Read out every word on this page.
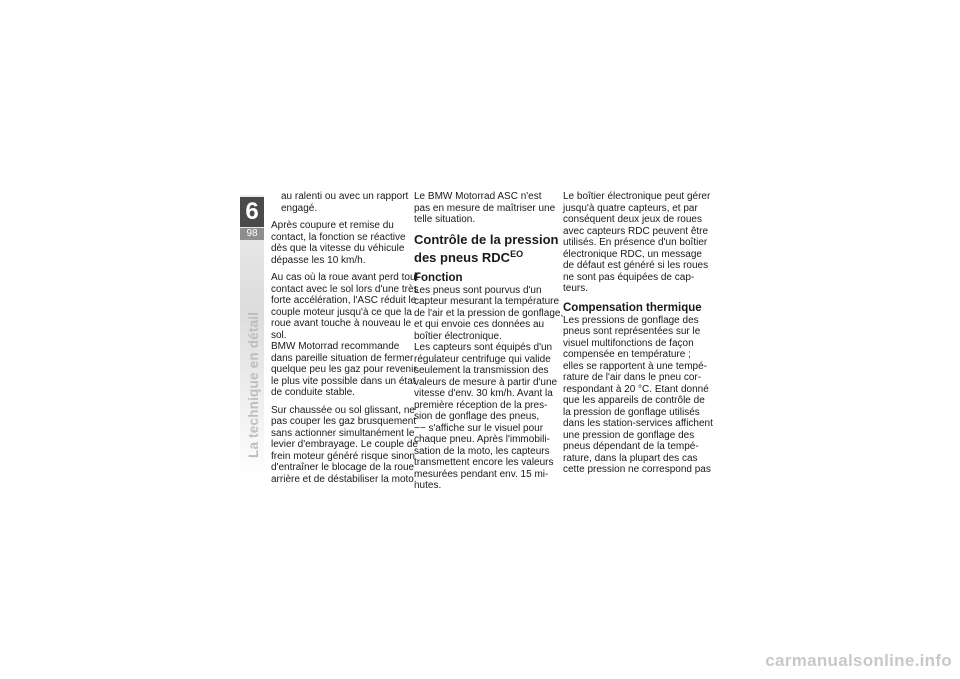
6
98
La technique en détail
au ralenti ou avec un rapport
engagé.
Après coupure et remise du
contact, la fonction se réactive
dès que la vitesse du véhicule
dépasse les 10 km/h.
Au cas où la roue avant perd tout
contact avec le sol lors d'une très
forte accélération, l'ASC réduit le
couple moteur jusqu'à ce que la
roue avant touche à nouveau le
sol.
BMW Motorrad recommande
dans pareille situation de fermer
quelque peu les gaz pour revenir
le plus vite possible dans un état
de conduite stable.
Sur chaussée ou sol glissant, ne
pas couper les gaz brusquement
sans actionner simultanément le
levier d'embrayage. Le couple de
frein moteur généré risque sinon
d'entraîner le blocage de la roue
arrière et de déstabiliser la moto.
Le BMW Motorrad ASC n'est
pas en mesure de maîtriser une
telle situation.
Contrôle de la pression
des pneus $RDC^{EO}$
Fonction
Les pneus sont pourvus d'un
capteur mesurant la température
de l'air et la pression de gonflage,
et qui envoie ces données au
boîtier électronique.
Les capteurs sont équipés d'un
régulateur centrifuge qui valide
seulement la transmission des
valeurs de mesure à partir d'une
vitesse d'env. 30 km/h. Avant la
première réception de la pres-
sion de gonflage des pneus,
−− s'affiche sur le visuel pour
chaque pneu. Après l'immobili-
sation de la moto, les capteurs
transmettent encore les valeurs
mesurées pendant env. 15 mi-
nutes.
Le boîtier électronique peut gérer
jusqu'à quatre capteurs, et par
conséquent deux jeux de roues
avec capteurs RDC peuvent être
utilisés. En présence d'un boîtier
électronique RDC, un message
de défaut est généré si les roues
ne sont pas équipées de cap-
teurs.
Compensation thermique
Les pressions de gonflage des
pneus sont représentées sur le
visuel multifonctions de façon
compensée en température ;
elles se rapportent à une tempé-
rature de l'air dans le pneu cor-
respondant à 20 °C. Etant donné
que les appareils de contrôle de
la pression de gonflage utilisés
dans les station-services affichent
une pression de gonflage des
pneus dépendant de la tempé-
rature, dans la plupart des cas
cette pression ne correspond pas
carmanualsonline.info
